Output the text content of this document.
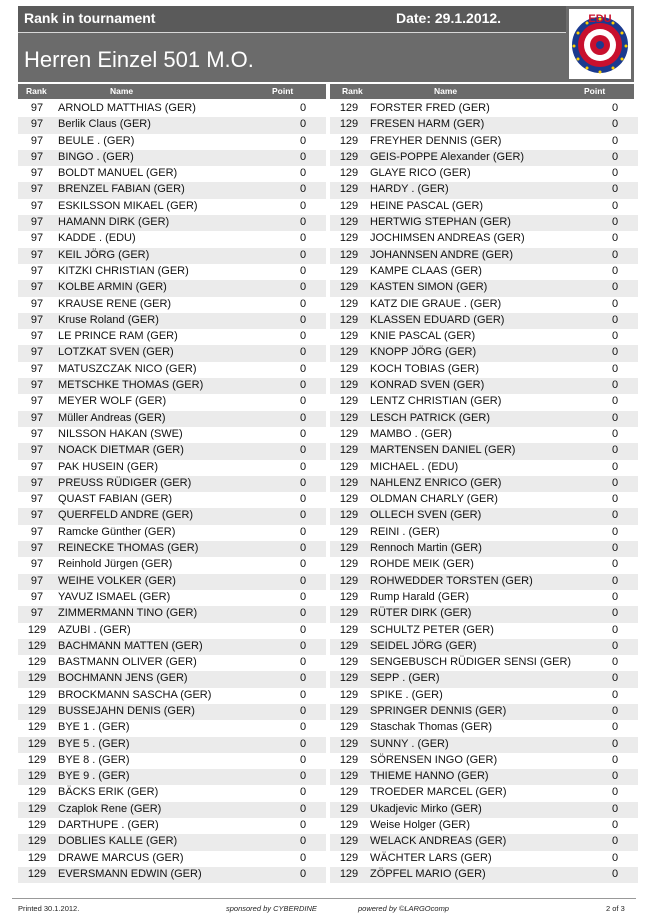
Rank in tournament	Date: 29.1.2012.
Herren Einzel 501 M.O.
EDU
Rank	Name	Point	Rank	Name	Point
97	ARNOLD MATTHIAS (GER)	0
97	Berlik Claus (GER)	0
97	BEULE . (GER)	0
97	BINGO . (GER)	0
97	BOLDT MANUEL (GER)	0
97	BRENZEL FABIAN (GER)	0
97	ESKILSSON MIKAEL (GER)	0
97	HAMANN DIRK (GER)	0
97	KADDE . (EDU)	0
97	KEIL JÖRG (GER)	0
97	KITZKI CHRISTIAN (GER)	0
97	KOLBE ARMIN (GER)	0
97	KRAUSE RENE (GER)	0
97	Kruse Roland (GER)	0
97	LE PRINCE RAM (GER)	0
97	LOTZKAT SVEN (GER)	0
97	MATUSZCZAK NICO (GER)	0
97	METSCHKE THOMAS (GER)	0
97	MEYER WOLF (GER)	0
97	Müller Andreas (GER)	0
97	NILSSON HAKAN (SWE)	0
97	NOACK DIETMAR (GER)	0
97	PAK HUSEIN (GER)	0
97	PREUSS RÜDIGER (GER)	0
97	QUAST FABIAN (GER)	0
97	QUERFELD ANDRE (GER)	0
97	Ramcke Günther (GER)	0
97	REINECKE THOMAS (GER)	0
97	Reinhold Jürgen (GER)	0
97	WEIHE VOLKER (GER)	0
97	YAVUZ ISMAEL (GER)	0
97	ZIMMERMANN TINO (GER)	0
129	AZUBI . (GER)	0
129	BACHMANN MATTEN (GER)	0
129	BASTMANN OLIVER (GER)	0
129	BOCHMANN JENS (GER)	0
129	BROCKMANN SASCHA (GER)	0
129	BUSSEJAHN DENIS (GER)	0
129	BYE 1 . (GER)	0
129	BYE 5 . (GER)	0
129	BYE 8 . (GER)	0
129	BYE 9 . (GER)	0
129	BÄCKS ERIK (GER)	0
129	Czaplok Rene (GER)	0
129	DARTHUPE . (GER)	0
129	DOBLIES KALLE (GER)	0
129	DRAWE MARCUS (GER)	0
129	EVERSMANN EDWIN (GER)	0
129	FORSTER FRED (GER)	0
129	FRESEN HARM (GER)	0
129	FREYHER DENNIS (GER)	0
129	GEIS-POPPE Alexander (GER)	0
129	GLAYE RICO (GER)	0
129	HARDY . (GER)	0
129	HEINE PASCAL (GER)	0
129	HERTWIG STEPHAN (GER)	0
129	JOCHIMSEN ANDREAS (GER)	0
129	JOHANNSEN ANDRE (GER)	0
129	KAMPE CLAAS (GER)	0
129	KASTEN SIMON (GER)	0
129	KATZ DIE GRAUE . (GER)	0
129	KLASSEN EDUARD (GER)	0
129	KNIE PASCAL (GER)	0
129	KNOPP JÖRG (GER)	0
129	KOCH TOBIAS (GER)	0
129	KONRAD SVEN (GER)	0
129	LENTZ CHRISTIAN (GER)	0
129	LESCH PATRICK (GER)	0
129	MAMBO . (GER)	0
129	MARTENSEN DANIEL (GER)	0
129	MICHAEL . (EDU)	0
129	NAHLENZ ENRICO (GER)	0
129	OLDMAN CHARLY (GER)	0
129	OLLECH SVEN (GER)	0
129	REINI . (GER)	0
129	Rennoch Martin (GER)	0
129	ROHDE MEIK (GER)	0
129	ROHWEDDER TORSTEN (GER)	0
129	Rump Harald (GER)	0
129	RÜTER DIRK (GER)	0
129	SCHULTZ PETER (GER)	0
129	SEIDEL JÖRG (GER)	0
129	SENGEBUSCH RÜDIGER SENSI (GER)	0
129	SEPP . (GER)	0
129	SPIKE . (GER)	0
129	SPRINGER DENNIS (GER)	0
129	Staschak Thomas (GER)	0
129	SUNNY . (GER)	0
129	SÖRENSEN INGO (GER)	0
129	THIEME HANNO (GER)	0
129	TROEDER MARCEL (GER)	0
129	Ukadjevic Mirko (GER)	0
129	Weise Holger (GER)	0
129	WELACK ANDREAS (GER)	0
129	WÄCHTER LARS (GER)	0
129	ZÖPFEL MARIO (GER)	0
Printed 30.1.2012.	sponsored by CYBERDINE	powered by ©LARGOcomp	2 of 3
